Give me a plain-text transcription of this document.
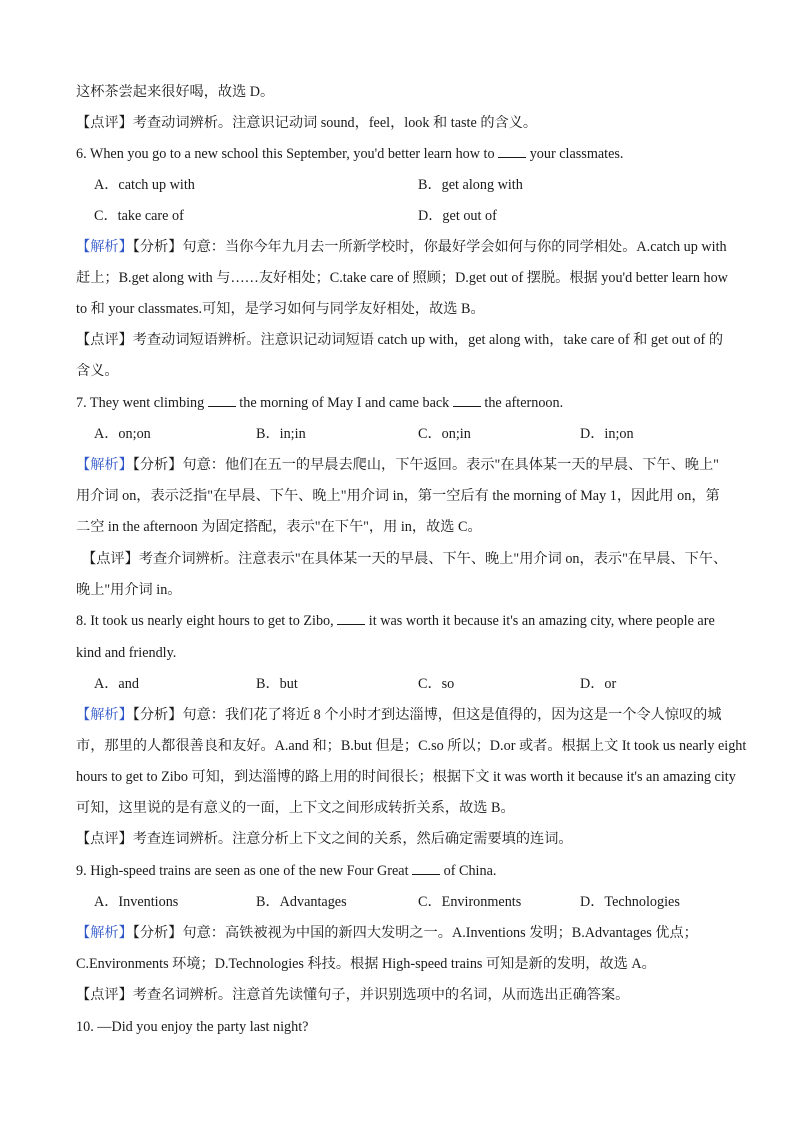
这杯茶尝起来很好喝，故选 D。
【点评】考查动词辨析。注意识记动词 sound，feel，look 和 taste 的含义。
6. When you go to a new school this September, you'd better learn how to your classmates.
A．catch up with	B．get along with
C．take care of	D．get out of
【解析】【分析】句意：当你今年九月去一所新学校时，你最好学会如何与你的同学相处。A.catch up with
赶上；B.get along with 与……友好相处；C.take care of 照顾；D.get out of 摆脱。根据 you'd better learn how
to 和 your classmates.可知，是学习如何与同学友好相处，故选 B。
【点评】考查动词短语辨析。注意识记动词短语 catch up with，get along with，take care of 和 get out of 的
含义。
7. They went climbing the morning of May I and came back the afternoon.
A．on;on	B．in;in	C．on;in	D．in;on
【解析】【分析】句意：他们在五一的早晨去爬山，下午返回。表示"在具体某一天的早晨、下午、晚上"
用介词 on，表示泛指"在早晨、下午、晚上"用介词 in，第一空后有 the morning of May 1，因此用 on，第
二空 in the afternoon 为固定搭配，表示"在下午"，用 in，故选 C。
【点评】考查介词辨析。注意表示"在具体某一天的早晨、下午、晚上"用介词 on，表示"在早晨、下午、
晚上"用介词 in。
8. It took us nearly eight hours to get to Zibo, it was worth it because it's an amazing city, where people are
kind and friendly.
A．and	B．but	C．so	D．or
【解析】【分析】句意：我们花了将近 8 个小时才到达淄博，但这是值得的，因为这是一个令人惊叹的城
市，那里的人都很善良和友好。A.and 和；B.but 但是；C.so 所以；D.or 或者。根据上文 It took us nearly eight
hours to get to Zibo 可知，到达淄博的路上用的时间很长；根据下文 it was worth it because it's an amazing city
可知，这里说的是有意义的一面，上下文之间形成转折关系，故选 B。
【点评】考查连词辨析。注意分析上下文之间的关系，然后确定需要填的连词。
9. High-speed trains are seen as one of the new Four Great of China.
A．Inventions	B．Advantages	C．Environments	D．Technologies
【解析】【分析】句意：高铁被视为中国的新四大发明之一。A.Inventions 发明；B.Advantages 优点；
C.Environments 环境；D.Technologies 科技。根据 High-speed trains 可知是新的发明，故选 A。
【点评】考查名词辨析。注意首先读懂句子，并识别选项中的名词，从而选出正确答案。
10. —Did you enjoy the party last night?
